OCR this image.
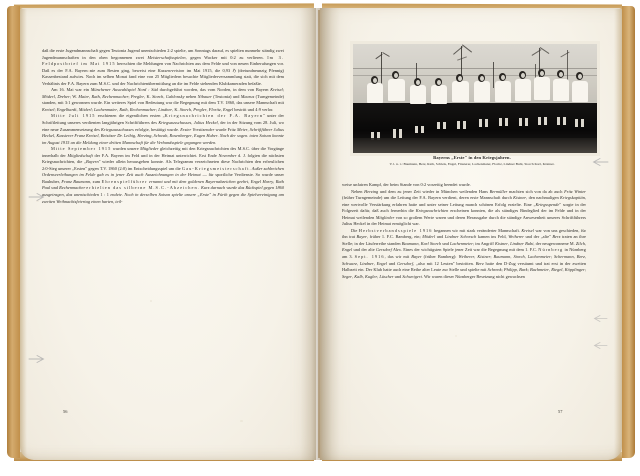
daß die erste Jugendmannschaft gegen Teutonia Jugend unentschieden 2:2 spielte, um Sonntags darauf, es spielten nunmehr ständig zwei Jugendmannschaften in den oben begonnenen zwei Meisterschaftsspielen, gegen Wacker mit 0:2 zu verlieren. Im 3. Feldpostbrief im Mai 1915 herrschten die Meldungen von Nachrichten aus dem Felde und von neuen Einberufungen vor. Daß es der F.A. Bayern nie zum Besten ging, beweist eine Kassenrevision im Mai 1915, die 0,93 ℌ (dreiundneunzig Pfennig) Kassenbestand aufwies. Noch im selben Monat fand eine von 25 Mitgliedern besuchte Mitgliederversammlung statt, die sich mit dem Verhältnis der F.A. Bayern zum M.S.C. und der Nachrichtenübermittlung an die im Felde stehenden Klubkameraden befaßte.

Am 16. Mai war ein Münchener Auswahlspiel Nord : Süd durchgeführt worden, das vom Norden, in dem von Bayern Kreisel; Möderl, Dreher; W. Maier, Rath, Rechenmacher; Pregler, K. Storch, Gablonsky neben Nibauer (Teutonia) und Maurus (Turngemeinde) standen, mit 3:1 gewonnen wurde. Ein weiteres Spiel von Bedeutung war die Begegnung mit dem T.V. 1860, das unsere Mannschaft mit Kreisel; Engelhardt, Möderl; Lachenmaier, Rath, Rechenmacher; Lindner, K. Storch, Pregler, Floritz, Engel bestritt und 4:9 verlor.

Mitte Juli 1915 erschienen die eigentlichen ersten „Kriegsnachrichten der F.A. Bayern" unter der Schriftleitung unseres verdienten langjährigen Schriftführers des Kriegsausschusses, Julius Heckel, der in der Sitzung vom 28. Juli, wo eine neue Zusammensetzung des Kriegsausschusses erfolgte, bestätigt wurde. Erster Vorsitzender wurde Fritz Meier, Schriftführer Julius Heckel, Kassierer Franz Kreisel, Beisitzer Dr. Leibig, Herzing, Schwab, Rosenberger, Eugen Huber. Nach der sogen. toten Saison konnte im August 1915 an die Meldung einer dritten Mannschaft für die Verbandsspiele gegangen werden.

Mitte September 1915 wurden unsere Mitglieder gleichzeitig mit den Kriegsnachrichten des M.S.C. über die Vorgänge innerhalb der Mitgliedschaft der F.A. Bayern im Feld und in der Heimat unterrichtet. Erst Ende November d. J. folgten die nächsten Kriegsnachrichten, die „Bayern" wieder allein herausgeben konnte. Als Telegramm verzeichneten diese Nachrichten den erfreulichen 2:0-Sieg unserer „Ersten" gegen T.V. 1860 (2:0) im Entscheidungsspiel um die Gau-Kriegsmeisterschaft. Außer zahlreichen Ordensverleihungen im Felde gab es in jener Zeit auch Auszeichnungen in der Heimat — für sportliche Verdienste. So wurde unser Bauhuber, Franz Baumann, zum Ehrenspielführer ernannt und mit dem goldenen Bayernabzeichen geehrt, Engel Harry, Rath Paul und Rechenmacher erhielten das silberne M.S.C.-Abzeichen. Kurz darnach wurde das Rückspiel gegen 1860 ausgetragen, das unentschieden 1 : 1 endete. Noch in derselben Saison spielte unsere „Erste" in Fürth gegen die Spielvereinigung am zweiten Weihnachtsfeiertag einen harten, teil-

56
Bayerns „Erste" in den Kriegsjahren.
V. l. n. r.: Baumann, Berz, Rath, Schleis, Engel, Finsterer, Lachenmaier, Floritz, Lindner Bubi, Storch Karl, Köstner.

weise unfairen Kampf, der beim Stande von 0:2 vorzeitig beendet wurde.

Neben Herzing und dem zu jener Zeit wieder in München weilenden Hans Bermüller machten sich von da ab auch Fritz Winter (früher Turngemeinde) um die Leitung der F.A. Bayern verdient, deren erste Mannschaft durch Kistner, den nachmaligen Kriegskapitän, eine wertvolle Verstärkung erfahren hatte und unter seiner Leitung manch schönen Erfolg erzielte. Eine „Kriegsspende" sorgte in der Folgezeit dafür, daß auch fernerhin die Kriegsnachrichten erscheinen konnten, die als ständiges Bindeglied der im Felde und in der Heimat weilenden Mitglieder von so großem Werte waren und deren Herausgabe durch die ständige Anwesenheit unseres Schriftführers Julius Heckel in der Heimat ermöglicht war.

Die Herbstverbandsspiele 1916 begannen wir mit stark veränderter Mannschaft. Kreisel war von uns geschieden, für ihn trat Bayer, früher 1. F.C. Bamberg, ein; Möderl und Lindner Schorsch kamen ins Feld, Weiherer und der „alte" Berz traten an ihre Stelle; in der Läuferreihe standen Baumann, Karl Storch und Lachenmeier; im Angriff Kistner, Lindner Bubi, der neugewonnene M. Zilch, Engel und der alte Gersdorf Alex. Eines der wichtigsten Spiele jener Zeit war die Begegnung mit dem 1. F.C. Nürnberg in Nürnberg am 3. Sept. 1916, das wir mit Bayer (früher Bamberg): Weiherer, Kistner; Baumann, Storch, Lachenmeier; Schermann, Berz, Schwarz, Lindner, Engel und Gersdorf, „also mit 12 Leuten" bestritten. Berz hatte den D-Zug versäumt und trat erst in der zweiten Halbzeit ein. Der Klub hatte auch eine Reihe alter Leute zur Stelle und spielte mit Schrenk; Philipp, Bark; Bachmeier, Riegel, Köpplinger; Seger, Kalb, Kugler, Lüscher und Schweigert. Wir waren dieser Nürnberger Besetzung nicht gewachsen

57
